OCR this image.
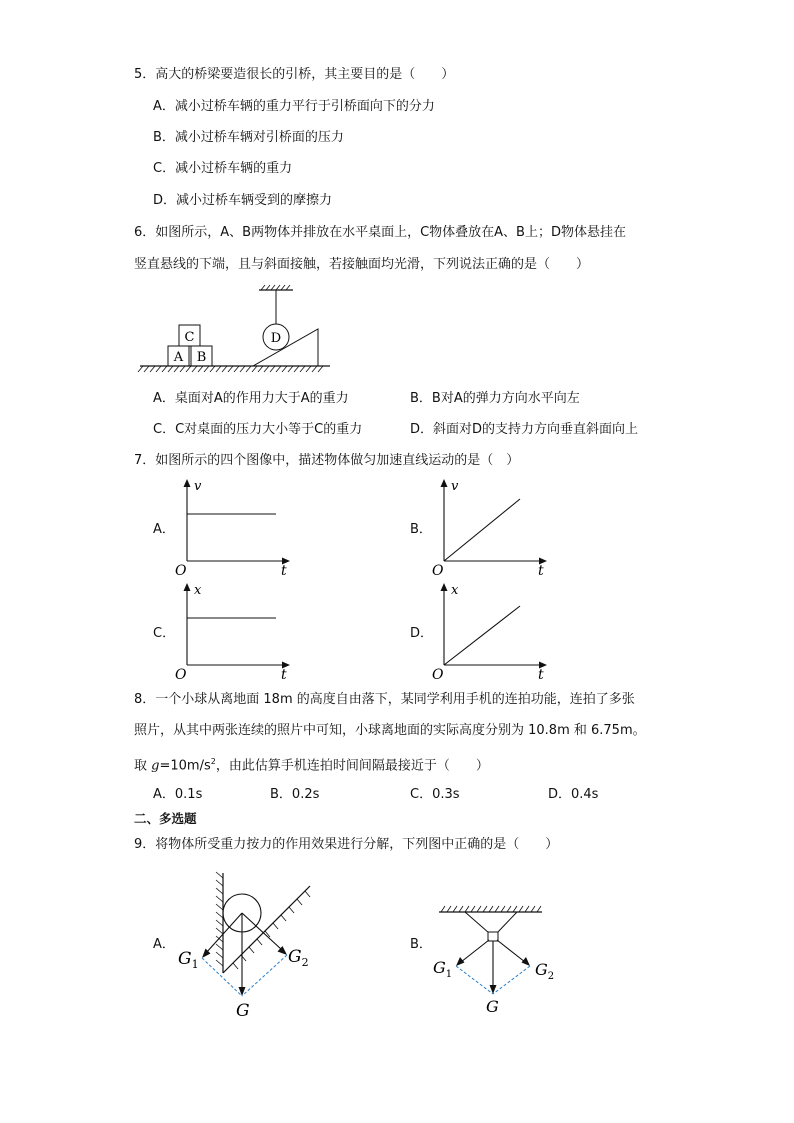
5．高大的桥梁要造很长的引桥，其主要目的是（　　）
A．减小过桥车辆的重力平行于引桥面向下的分力
B．减小过桥车辆对引桥面的压力
C．减小过桥车辆的重力
D．减小过桥车辆受到的摩擦力
6．如图所示，A、B两物体并排放在水平桌面上，C物体叠放在A、B上；D物体悬挂在
竖直悬线的下端，且与斜面接触，若接触面均光滑，下列说法正确的是（　　）
D
C
A B
A．桌面对A的作用力大于A的重力	B．B对A的弹力方向水平向左
C．C对桌面的压力大小等于C的重力	D．斜面对D的支持力方向垂直斜面向上
7．如图所示的四个图像中，描述物体做匀加速直线运动的是（　）
A．
v
O	t
B．
v
O	t
C．
x
O	t
D．
x
O	t
8．一个小球从离地面 18m 的高度自由落下，某同学利用手机的连拍功能，连拍了多张
照片，从其中两张连续的照片中可知，小球离地面的实际高度分别为 10.8m 和 6.75m。
取 $g=10m/s^2$，由此估算手机连拍时间间隔最接近于（　　）
A．0.1s	B．0.2s	C．0.3s	D．0.4s
二、多选题
9．将物体所受重力按力的作用效果进行分解，下列图中正确的是（　　）
A．
$G_1$	$G_2$
G
B．
$G_1$	$G_2$
G
